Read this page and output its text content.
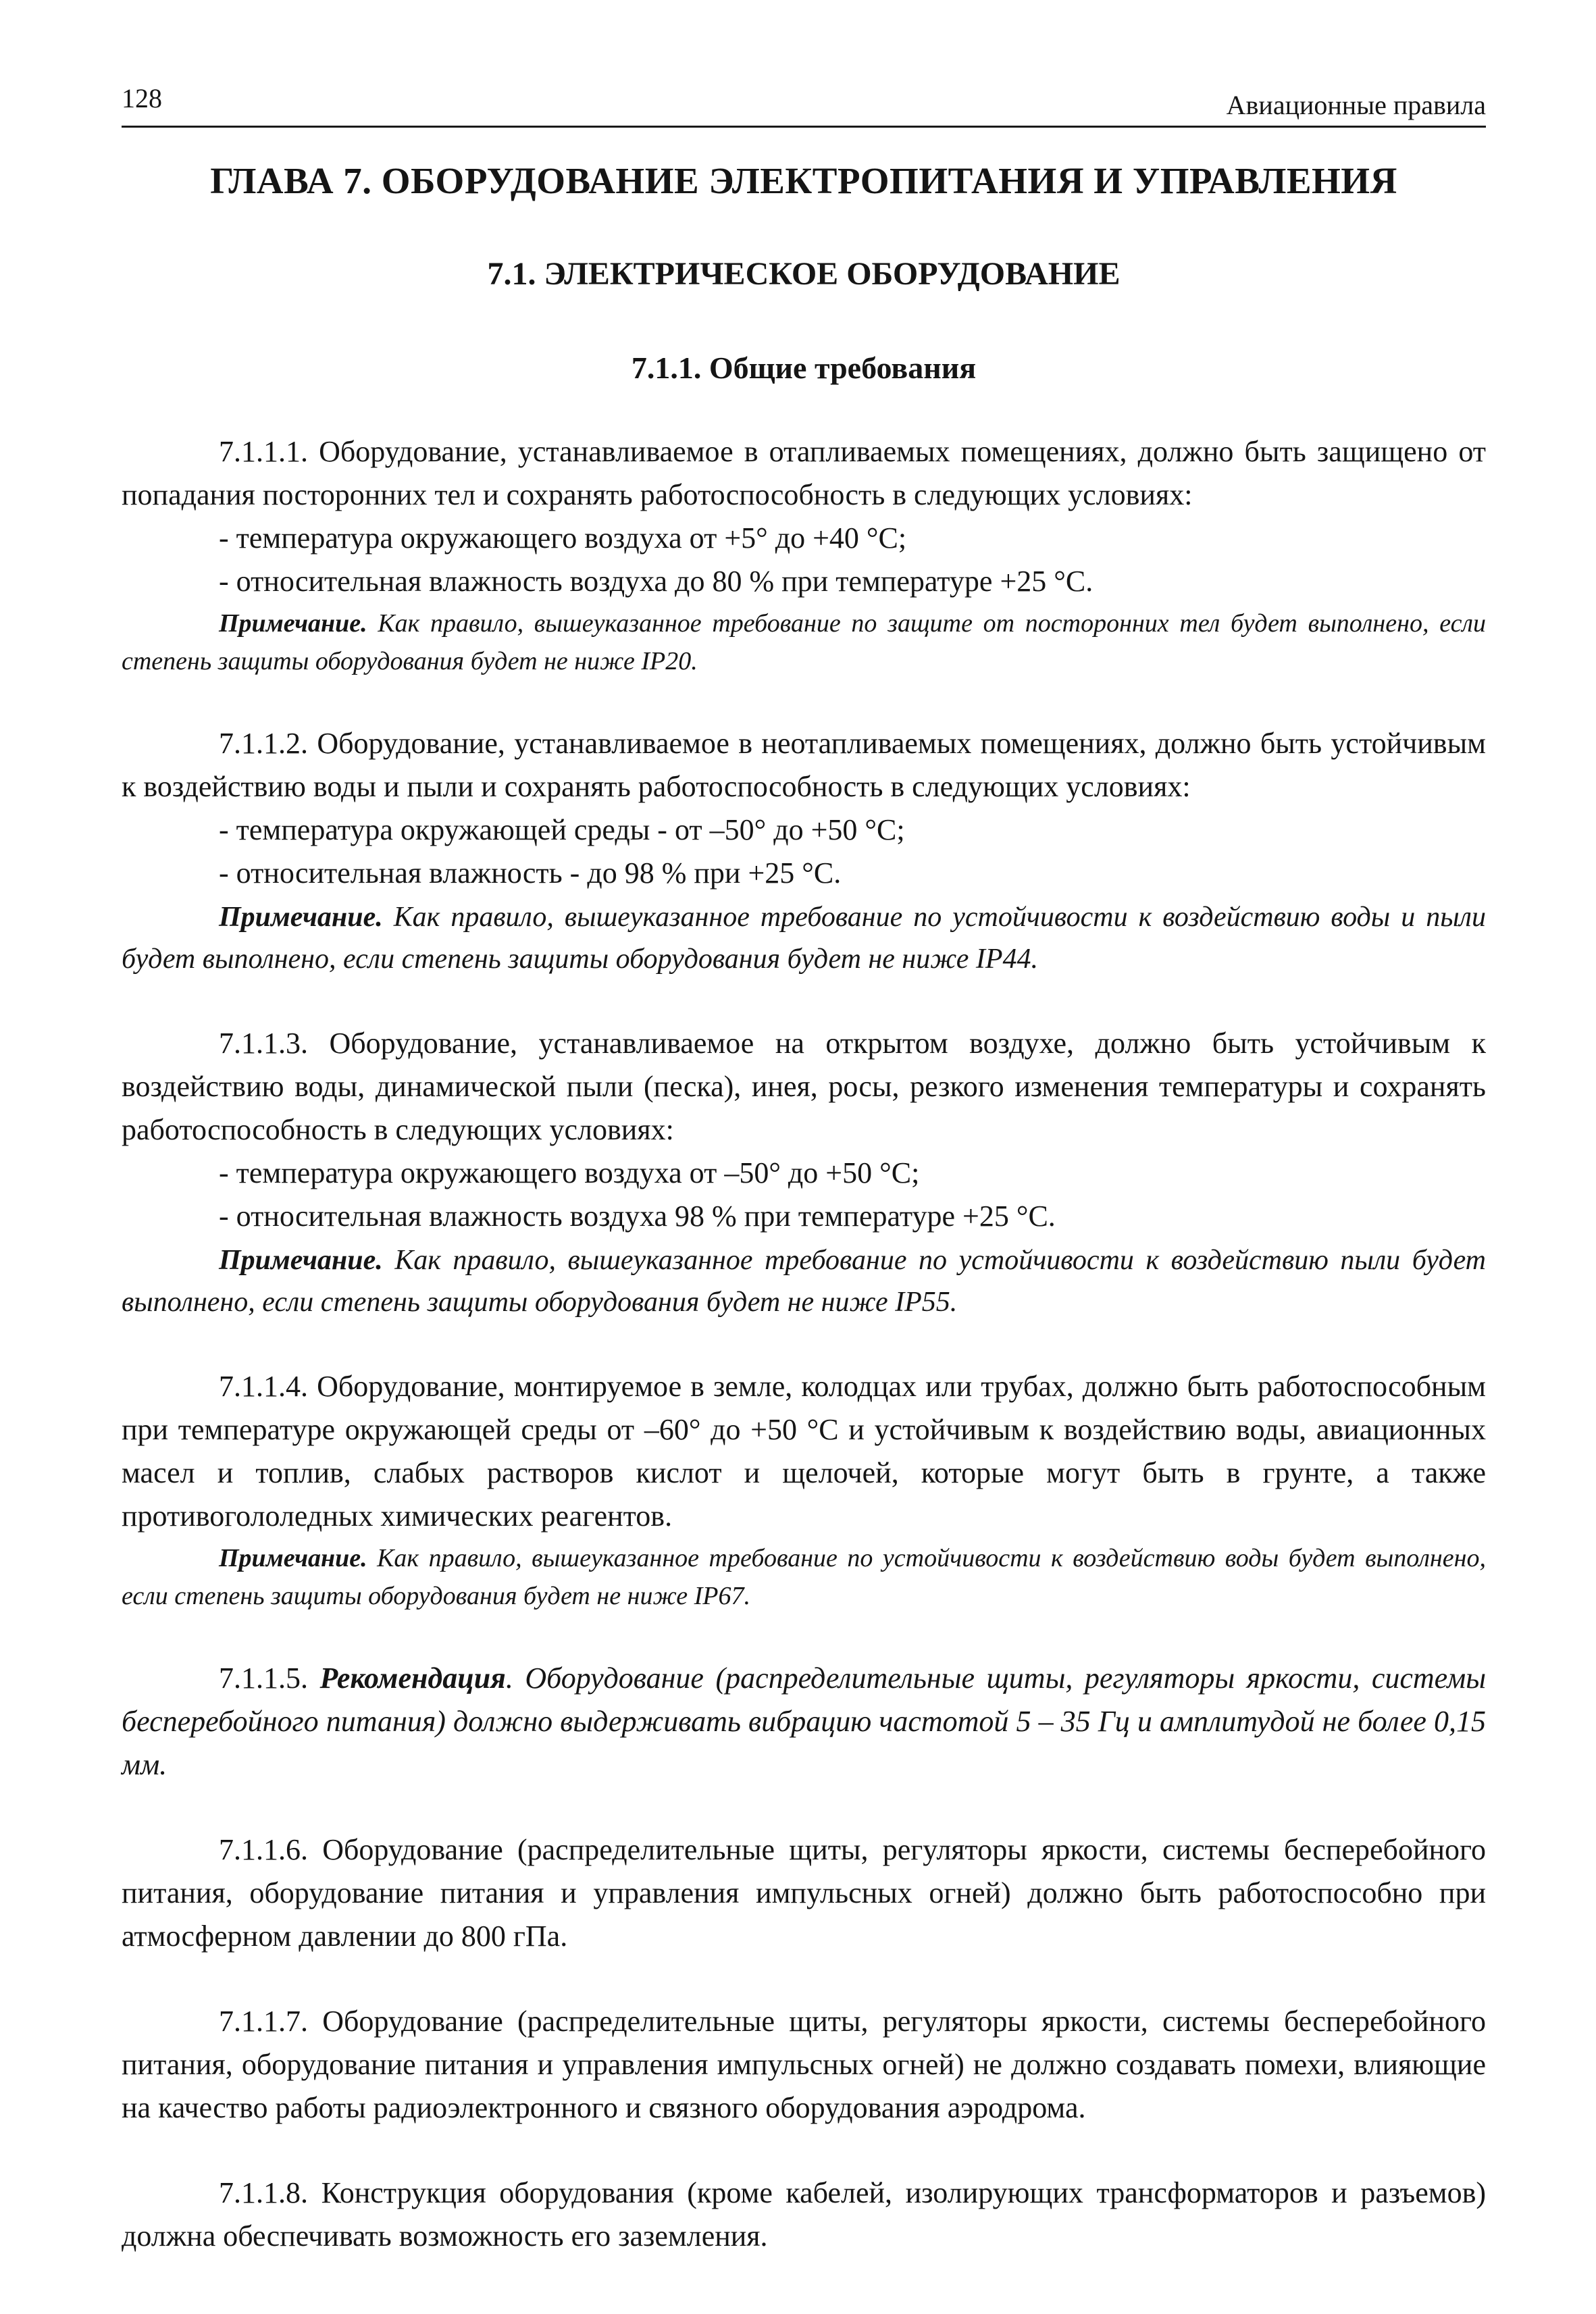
128	Авиационные правила
ГЛАВА 7. ОБОРУДОВАНИЕ ЭЛЕКТРОПИТАНИЯ И УПРАВЛЕНИЯ
7.1. ЭЛЕКТРИЧЕСКОЕ ОБОРУДОВАНИЕ
7.1.1. Общие требования

7.1.1.1. Оборудование, устанавливаемое в отапливаемых помещениях, должно быть защищено от попадания посторонних тел и сохранять работоспособность в следующих условиях:

- температура окружающего воздуха от +5° до +40 °С;
- относительная влажность воздуха до 80 % при температуре +25 °С.
Примечание. Как правило, вышеуказанное требование по защите от посторонних тел будет выполнено, если степень защиты оборудования будет не ниже IP20.

7.1.1.2. Оборудование, устанавливаемое в неотапливаемых помещениях, должно быть устойчивым к воздействию воды и пыли и сохранять работоспособность в следующих условиях:

- температура окружающей среды - от –50° до +50 °С;
- относительная влажность - до 98 % при +25 °С.
Примечание. Как правило, вышеуказанное требование по устойчивости к воздействию воды и пыли будет выполнено, если степень защиты оборудования будет не ниже IP44.

7.1.1.3. Оборудование, устанавливаемое на открытом воздухе, должно быть устойчивым к воздействию воды, динамической пыли (песка), инея, росы, резкого изменения температуры и сохранять работоспособность в следующих условиях:

- температура окружающего воздуха от –50° до +50 °С;
- относительная влажность воздуха 98 % при температуре +25 °С.
Примечание. Как правило, вышеуказанное требование по устойчивости к воздействию пыли будет выполнено, если степень защиты оборудования будет не ниже IP55.

7.1.1.4. Оборудование, монтируемое в земле, колодцах или трубах, должно быть работоспособным при температуре окружающей среды от –60° до +50 °С и устойчивым к воздействию воды, авиационных масел и топлив, слабых растворов кислот и щелочей, которые могут быть в грунте, а также противогололедных химических реагентов.

Примечание. Как правило, вышеуказанное требование по устойчивости к воздействию воды будет выполнено, если степень защиты оборудования будет не ниже IP67.

7.1.1.5. Рекомендация. Оборудование (распределительные щиты, регуляторы яркости, системы бесперебойного питания) должно выдерживать вибрацию частотой 5 – 35 Гц и амплитудой не более 0,15 мм.

7.1.1.6. Оборудование (распределительные щиты, регуляторы яркости, системы бесперебойного питания, оборудование питания и управления импульсных огней) должно быть работоспособно при атмосферном давлении до 800 гПа.

7.1.1.7. Оборудование (распределительные щиты, регуляторы яркости, системы бесперебойного питания, оборудование питания и управления импульсных огней) не должно создавать помехи, влияющие на качество работы радиоэлектронного и связного оборудования аэродрома.

7.1.1.8. Конструкция оборудования (кроме кабелей, изолирующих трансформаторов и разъемов) должна обеспечивать возможность его заземления.
